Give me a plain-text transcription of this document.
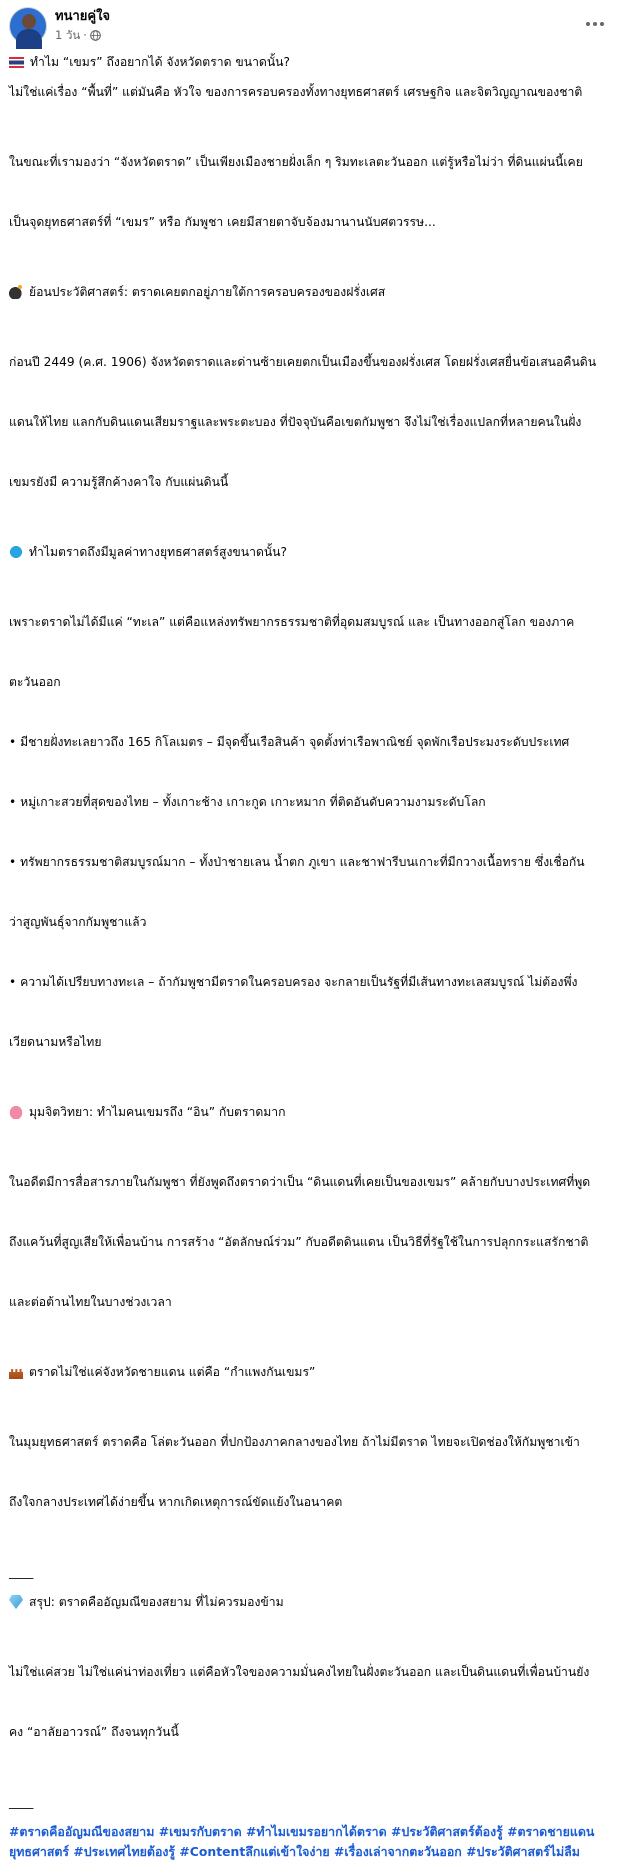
ทนายคู่ใจ
1 วัน ·
ทำไม “เขมร” ถึงอยากได้ จังหวัดตราด ขนาดนั้น?
ไม่ใช่แค่เรื่อง “พื้นที่” แต่มันคือ หัวใจ ของการครอบครองทั้งทางยุทธศาสตร์ เศรษฐกิจ และจิตวิญญาณของชาติ

ในขณะที่เรามองว่า “จังหวัดตราด” เป็นเพียงเมืองชายฝั่งเล็ก ๆ ริมทะเลตะวันออก แต่รู้หรือไม่ว่า ที่ดินแผ่นนี้เคย

เป็นจุดยุทธศาสตร์ที่ “เขมร” หรือ กัมพูชา เคยมีสายตาจับจ้องมานานนับศตวรรษ...

ย้อนประวัติศาสตร์: ตราดเคยตกอยู่ภายใต้การครอบครองของฝรั่งเศส

ก่อนปี 2449 (ค.ศ. 1906) จังหวัดตราดและด่านซ้ายเคยตกเป็นเมืองขึ้นของฝรั่งเศส โดยฝรั่งเศสยื่นข้อเสนอคืนดิน

แดนให้ไทย แลกกับดินแดนเสียมราฐและพระตะบอง ที่ปัจจุบันคือเขตกัมพูชา จึงไม่ใช่เรื่องแปลกที่หลายคนในฝั่ง

เขมรยังมี ความรู้สึกค้างคาใจ กับแผ่นดินนี้

ทำไมตราดถึงมีมูลค่าทางยุทธศาสตร์สูงขนาดนั้น?

เพราะตราดไม่ได้มีแค่ “ทะเล” แต่คือแหล่งทรัพยากรธรรมชาติที่อุดมสมบูรณ์ และ เป็นทางออกสู่โลก ของภาค

ตะวันออก

• มีชายฝั่งทะเลยาวถึง 165 กิโลเมตร – มีจุดขึ้นเรือสินค้า จุดตั้งท่าเรือพาณิชย์ จุดพักเรือประมงระดับประเทศ

• หมู่เกาะสวยที่สุดของไทย – ทั้งเกาะช้าง เกาะกูด เกาะหมาก ที่ติดอันดับความงามระดับโลก

• ทรัพยากรธรรมชาติสมบูรณ์มาก – ทั้งป่าชายเลน น้ำตก ภูเขา และชาฟารีบนเกาะที่มีกวางเนื้อทราย ซึ่งเชื่อกัน

ว่าสูญพันธุ์จากกัมพูชาแล้ว

• ความได้เปรียบทางทะเล – ถ้ากัมพูชามีตราดในครอบครอง จะกลายเป็นรัฐที่มีเส้นทางทะเลสมบูรณ์ ไม่ต้องพึ่ง

เวียดนามหรือไทย

มุมจิตวิทยา: ทำไมคนเขมรถึง “อิน” กับตราดมาก

ในอดีตมีการสื่อสารภายในกัมพูชา ที่ยังพูดถึงตราดว่าเป็น “ดินแดนที่เคยเป็นของเขมร” คล้ายกับบางประเทศที่พูด

ถึงแคว้นที่สูญเสียให้เพื่อนบ้าน การสร้าง “อัตลักษณ์ร่วม” กับอดีตดินแดน เป็นวิธีที่รัฐใช้ในการปลุกกระแสรักชาติ

และต่อต้านไทยในบางช่วงเวลา

ตราดไม่ใช่แค่จังหวัดชายแดน แต่คือ “กำแพงกันเขมร”

ในมุมยุทธศาสตร์ ตราดคือ โล่ตะวันออก ที่ปกป้องภาคกลางของไทย ถ้าไม่มีตราด ไทยจะเปิดช่องให้กัมพูชาเข้า

ถึงใจกลางประเทศได้ง่ายขึ้น หากเกิดเหตุการณ์ขัดแย้งในอนาคต

____
สรุป: ตราดคืออัญมณีของสยาม ที่ไม่ควรมองข้าม

ไม่ใช่แค่สวย ไม่ใช่แค่น่าท่องเที่ยว แต่คือหัวใจของความมั่นคงไทยในฝั่งตะวันออก และเป็นดินแดนที่เพื่อนบ้านยัง

คง “อาลัยอาวรณ์” ถึงจนทุกวันนี้

____
#ตราดคืออัญมณีของสยาม #เขมรกับตราด #ทำไมเขมรอยากได้ตราด #ประวัติศาสตร์ต้องรู้ #ตราดชายแดนยุทธศาสตร์ #ประเทศไทยต้องรู้ #Contentลึกแต่เข้าใจง่าย #เรื่องเล่าจากตะวันออก #ประวัติศาสตร์ไม่ลืม
